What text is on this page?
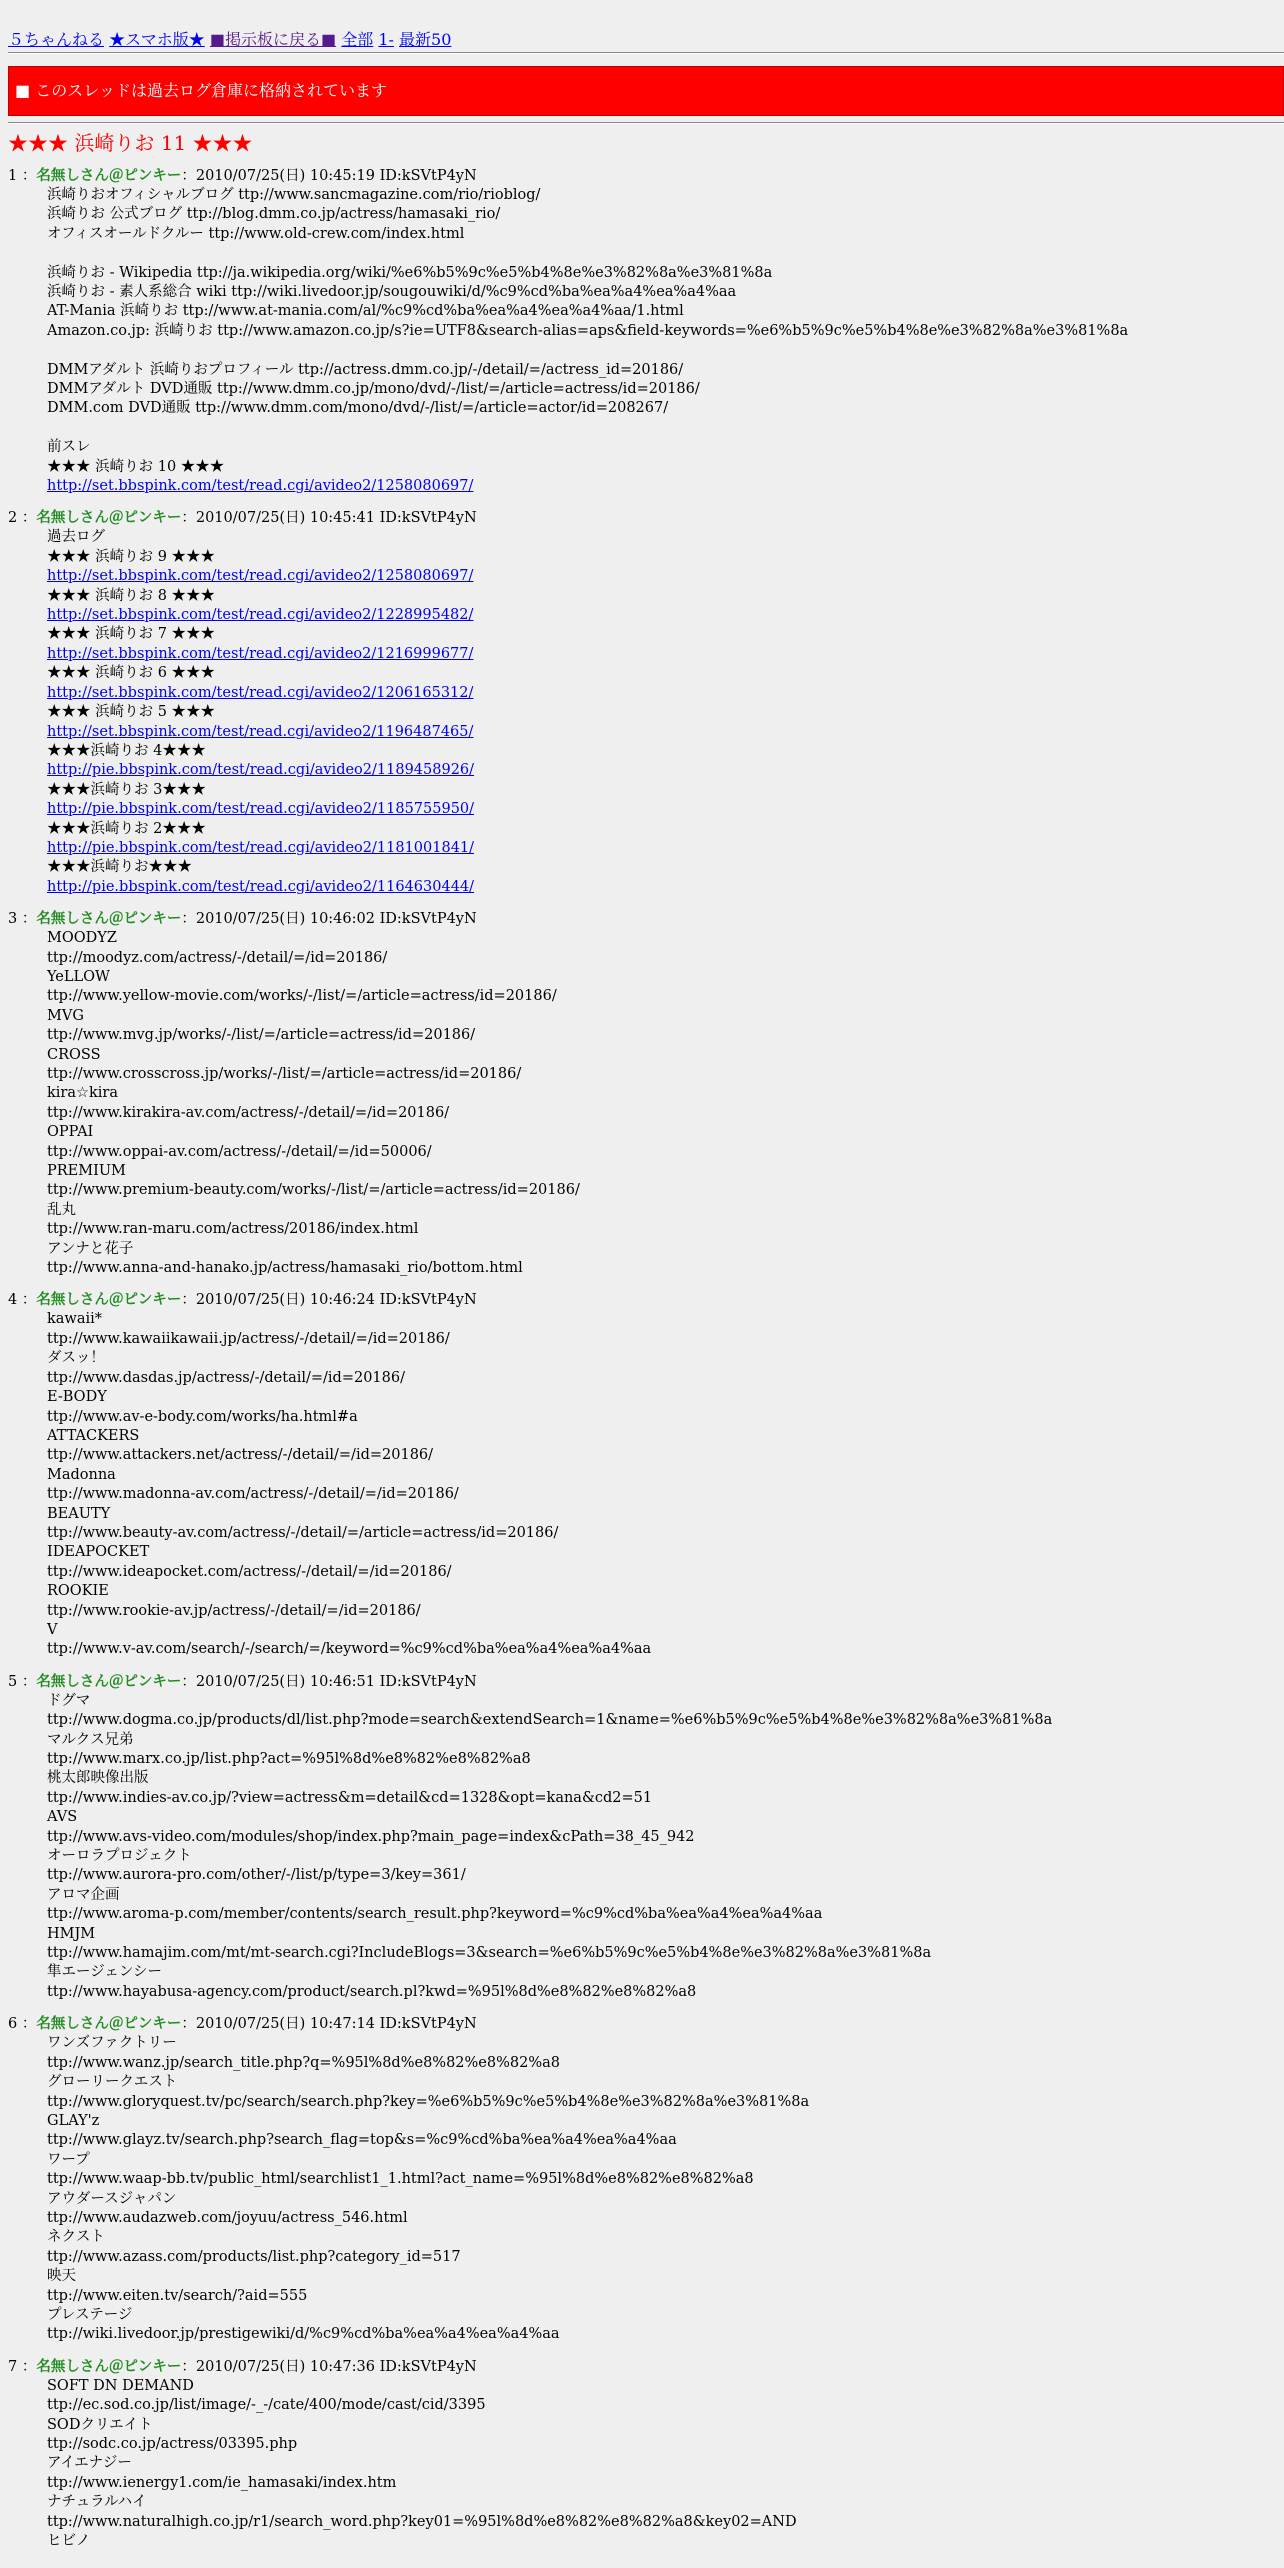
５ちゃんねる ★スマホ版★ ■掲示板に戻る■ 全部 1- 最新50
■ このスレッドは過去ログ倉庫に格納されています
★★★ 浜崎りお 11 ★★★
1 ：名無しさん＠ピンキー：2010/07/25(日) 10:45:19 ID:kSVtP4yN
浜崎りおオフィシャルブログ ttp://www.sancmagazine.com/rio/rioblog/
浜崎りお 公式ブログ ttp://blog.dmm.co.jp/actress/hamasaki_rio/
オフィスオールドクルー ttp://www.old-crew.com/index.html
浜崎りお - Wikipedia ttp://ja.wikipedia.org/wiki/%e6%b5%9c%e5%b4%8e%e3%82%8a%e3%81%8a
浜崎りお - 素人系総合 wiki ttp://wiki.livedoor.jp/sougouwiki/d/%c9%cd%ba%ea%a4%ea%a4%aa
AT-Mania 浜崎りお ttp://www.at-mania.com/al/%c9%cd%ba%ea%a4%ea%a4%aa/1.html
Amazon.co.jp: 浜崎りお ttp://www.amazon.co.jp/s?ie=UTF8&search-alias=aps&field-keywords=%e6%b5%9c%e5%b4%8e%e3%82%8a%e3%81%8a
DMMアダルト 浜崎りおプロフィール ttp://actress.dmm.co.jp/-/detail/=/actress_id=20186/
DMMアダルト DVD通販 ttp://www.dmm.co.jp/mono/dvd/-/list/=/article=actress/id=20186/
DMM.com DVD通販 ttp://www.dmm.com/mono/dvd/-/list/=/article=actor/id=208267/
前スレ
★★★ 浜崎りお 10 ★★★
http://set.bbspink.com/test/read.cgi/avideo2/1258080697/
2 ：名無しさん＠ピンキー：2010/07/25(日) 10:45:41 ID:kSVtP4yN
過去ログ
★★★ 浜崎りお 9 ★★★
http://set.bbspink.com/test/read.cgi/avideo2/1258080697/
★★★ 浜崎りお 8 ★★★
http://set.bbspink.com/test/read.cgi/avideo2/1228995482/
★★★ 浜崎りお 7 ★★★
http://set.bbspink.com/test/read.cgi/avideo2/1216999677/
★★★ 浜崎りお 6 ★★★
http://set.bbspink.com/test/read.cgi/avideo2/1206165312/
★★★ 浜崎りお 5 ★★★
http://set.bbspink.com/test/read.cgi/avideo2/1196487465/
★★★浜崎りお 4★★★
http://pie.bbspink.com/test/read.cgi/avideo2/1189458926/
★★★浜崎りお 3★★★
http://pie.bbspink.com/test/read.cgi/avideo2/1185755950/
★★★浜崎りお 2★★★
http://pie.bbspink.com/test/read.cgi/avideo2/1181001841/
★★★浜崎りお★★★
http://pie.bbspink.com/test/read.cgi/avideo2/1164630444/
3 ：名無しさん＠ピンキー：2010/07/25(日) 10:46:02 ID:kSVtP4yN
MOODYZ
ttp://moodyz.com/actress/-/detail/=/id=20186/
YeLLOW
ttp://www.yellow-movie.com/works/-/list/=/article=actress/id=20186/
MVG
ttp://www.mvg.jp/works/-/list/=/article=actress/id=20186/
CROSS
ttp://www.crosscross.jp/works/-/list/=/article=actress/id=20186/
kira☆kira
ttp://www.kirakira-av.com/actress/-/detail/=/id=20186/
OPPAI
ttp://www.oppai-av.com/actress/-/detail/=/id=50006/
PREMIUM
ttp://www.premium-beauty.com/works/-/list/=/article=actress/id=20186/
乱丸
ttp://www.ran-maru.com/actress/20186/index.html
アンナと花子
ttp://www.anna-and-hanako.jp/actress/hamasaki_rio/bottom.html
4 ：名無しさん＠ピンキー：2010/07/25(日) 10:46:24 ID:kSVtP4yN
kawaii*
ttp://www.kawaiikawaii.jp/actress/-/detail/=/id=20186/
ダスッ！
ttp://www.dasdas.jp/actress/-/detail/=/id=20186/
E-BODY
ttp://www.av-e-body.com/works/ha.html#a
ATTACKERS
ttp://www.attackers.net/actress/-/detail/=/id=20186/
Madonna
ttp://www.madonna-av.com/actress/-/detail/=/id=20186/
BEAUTY
ttp://www.beauty-av.com/actress/-/detail/=/article=actress/id=20186/
IDEAPOCKET
ttp://www.ideapocket.com/actress/-/detail/=/id=20186/
ROOKIE
ttp://www.rookie-av.jp/actress/-/detail/=/id=20186/
V
ttp://www.v-av.com/search/-/search/=/keyword=%c9%cd%ba%ea%a4%ea%a4%aa
5 ：名無しさん＠ピンキー：2010/07/25(日) 10:46:51 ID:kSVtP4yN
ドグマ
ttp://www.dogma.co.jp/products/dl/list.php?mode=search&extendSearch=1&name=%e6%b5%9c%e5%b4%8e%e3%82%8a%e3%81%8a
マルクス兄弟
ttp://www.marx.co.jp/list.php?act=%95l%8d%e8%82%e8%82%a8
桃太郎映像出版
ttp://www.indies-av.co.jp/?view=actress&m=detail&cd=1328&opt=kana&cd2=51
AVS
ttp://www.avs-video.com/modules/shop/index.php?main_page=index&cPath=38_45_942
オーロラプロジェクト
ttp://www.aurora-pro.com/other/-/list/p/type=3/key=361/
アロマ企画
ttp://www.aroma-p.com/member/contents/search_result.php?keyword=%c9%cd%ba%ea%a4%ea%a4%aa
HMJM
ttp://www.hamajim.com/mt/mt-search.cgi?IncludeBlogs=3&search=%e6%b5%9c%e5%b4%8e%e3%82%8a%e3%81%8a
隼エージェンシー
ttp://www.hayabusa-agency.com/product/search.pl?kwd=%95l%8d%e8%82%e8%82%a8
6 ：名無しさん＠ピンキー：2010/07/25(日) 10:47:14 ID:kSVtP4yN
ワンズファクトリー
ttp://www.wanz.jp/search_title.php?q=%95l%8d%e8%82%e8%82%a8
グローリークエスト
ttp://www.gloryquest.tv/pc/search/search.php?key=%e6%b5%9c%e5%b4%8e%e3%82%8a%e3%81%8a
GLAY'z
ttp://www.glayz.tv/search.php?search_flag=top&s=%c9%cd%ba%ea%a4%ea%a4%aa
ワープ
ttp://www.waap-bb.tv/public_html/searchlist1_1.html?act_name=%95l%8d%e8%82%e8%82%a8
アウダースジャパン
ttp://www.audazweb.com/joyuu/actress_546.html
ネクスト
ttp://www.azass.com/products/list.php?category_id=517
映天
ttp://www.eiten.tv/search/?aid=555
プレステージ
ttp://wiki.livedoor.jp/prestigewiki/d/%c9%cd%ba%ea%a4%ea%a4%aa
7 ：名無しさん＠ピンキー：2010/07/25(日) 10:47:36 ID:kSVtP4yN
SOFT DN DEMAND
ttp://ec.sod.co.jp/list/image/-_-/cate/400/mode/cast/cid/3395
SODクリエイト
ttp://sodc.co.jp/actress/03395.php
アイエナジー
ttp://www.ienergy1.com/ie_hamasaki/index.htm
ナチュラルハイ
ttp://www.naturalhigh.co.jp/r1/search_word.php?key01=%95l%8d%e8%82%e8%82%a8&key02=AND
ヒビノ
